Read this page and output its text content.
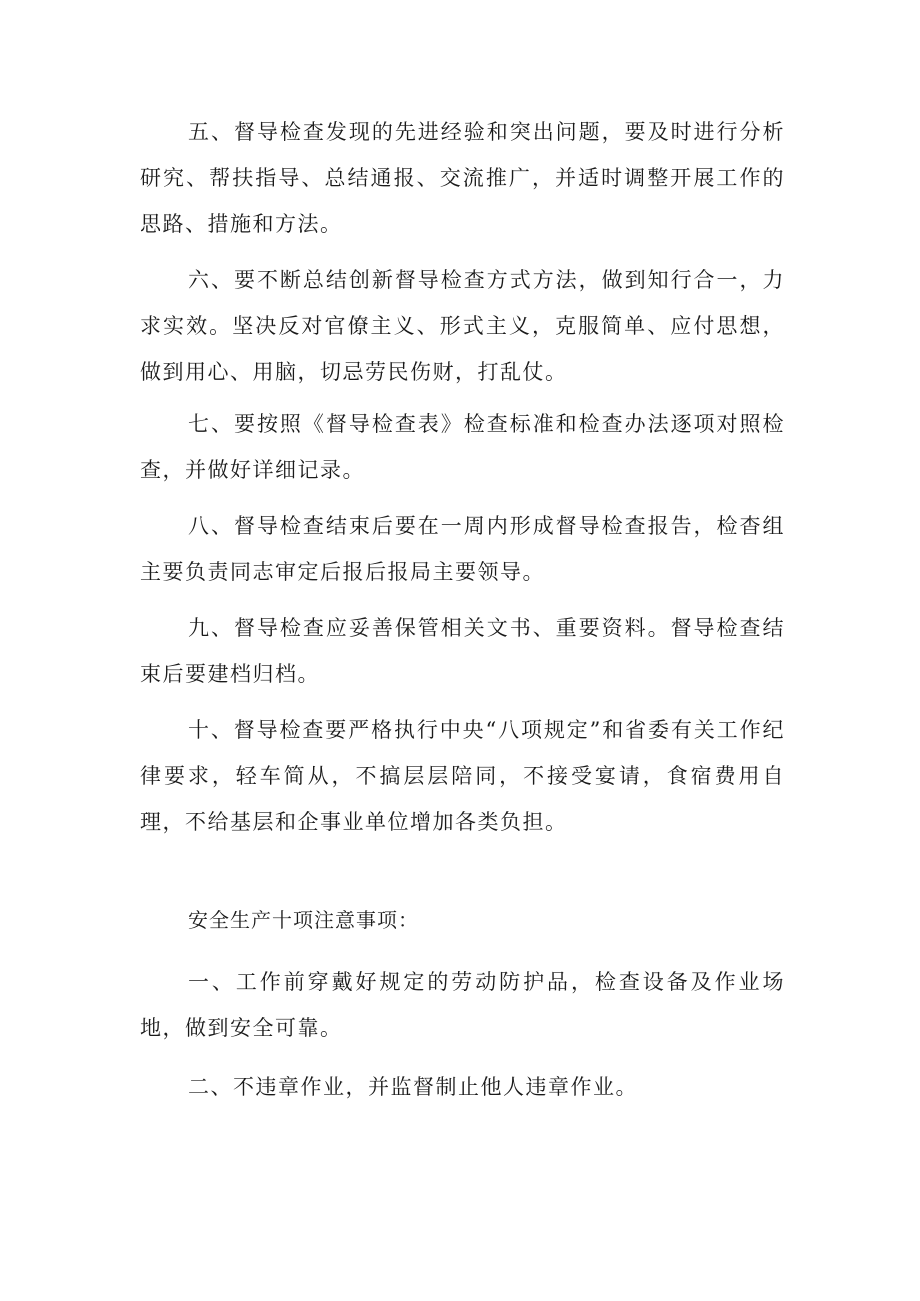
五、督导检查发现的先进经验和突出问题，要及时进行分析研究、帮扶指导、总结通报、交流推广，并适时调整开展工作的思路、措施和方法。

六、要不断总结创新督导检查方式方法，做到知行合一，力求实效。坚决反对官僚主义、形式主义，克服简单、应付思想，做到用心、用脑，切忌劳民伤财，打乱仗。

七、要按照《督导检查表》检查标准和检查办法逐项对照检查，并做好详细记录。

八、督导检查结束后要在一周内形成督导检查报告，检杳组主要负责同志审定后报后报局主要领导。

九、督导检查应妥善保管相关文书、重要资料。督导检查结束后要建档归档。

十、督导检查要严格执行中央“八项规定”和省委有关工作纪律要求，轻车简从，不搞层层陪同，不接受宴请，食宿费用自理，不给基层和企事业单位增加各类负担。

安全生产十项注意事项：

一、工作前穿戴好规定的劳动防护品，检查设备及作业场地，做到安全可靠。

二、不违章作业，并监督制止他人违章作业。
